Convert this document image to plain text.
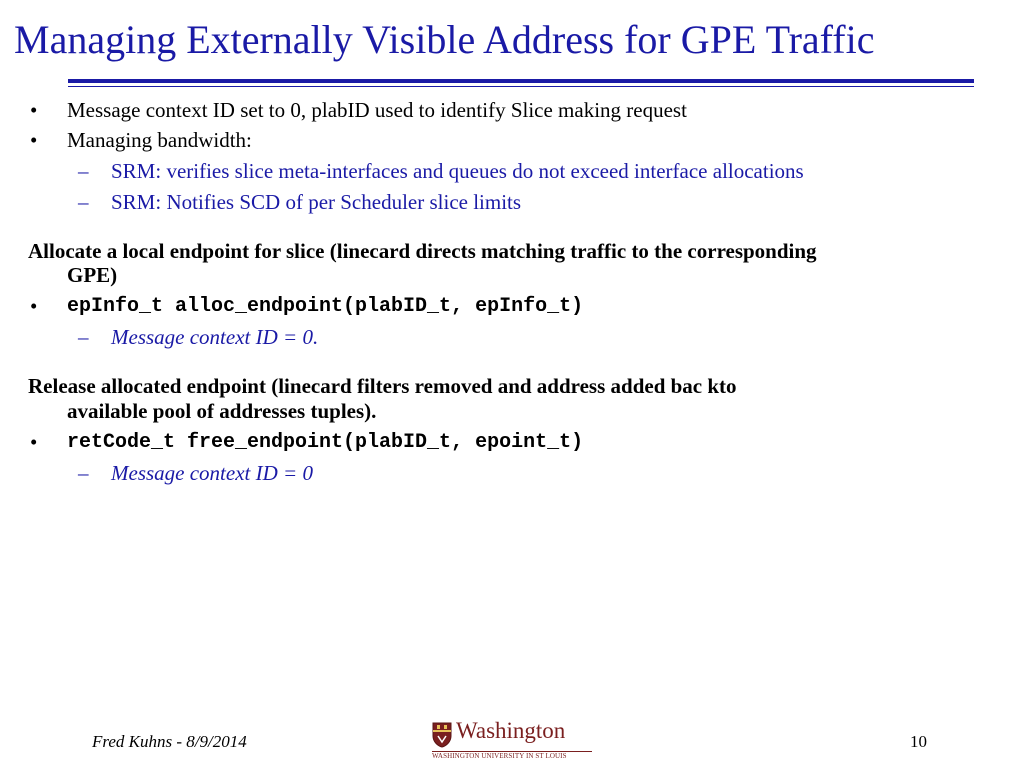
Managing Externally Visible Address for GPE Traffic
• Message context ID set to 0, plabID used to identify Slice making request
• Managing bandwidth:
– SRM: verifies slice meta-interfaces and queues do not exceed interface allocations
– SRM: Notifies SCD of per Scheduler slice limits
Allocate a local endpoint for slice (linecard directs matching traffic to the corresponding
GPE)
• epInfo_t alloc_endpoint(plabID_t, epInfo_t)
– Message context ID = 0.
Release allocated endpoint (linecard filters removed and address added bac kto
available pool of addresses tuples).
• retCode_t free_endpoint(plabID_t, epoint_t)
– Message context ID = 0
Fred Kuhns - 8/9/2014	Washington
WASHINGTON UNIVERSITY IN ST LOUIS
10
